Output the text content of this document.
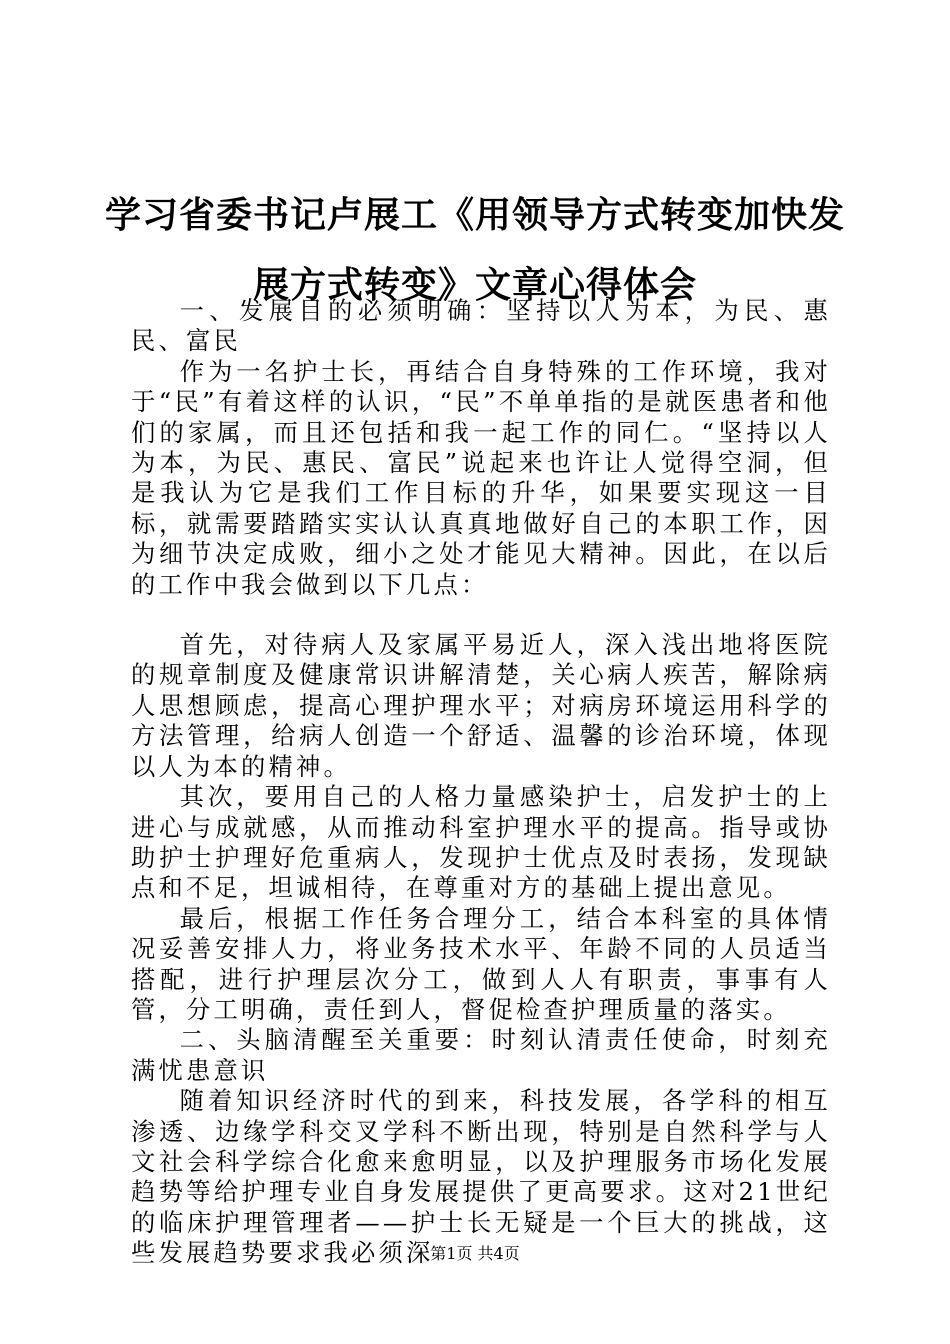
学习省委书记卢展工《用领导方式转变加快发展方式转变》文章心得体会

一、发展目的必须明确：坚持以人为本，为民、惠民、富民

作为一名护士长，再结合自身特殊的工作环境，我对于“民”有着这样的认识，“民”不单单指的是就医患者和他们的家属，而且还包括和我一起工作的同仁。“坚持以人为本，为民、惠民、富民”说起来也许让人觉得空洞，但是我认为它是我们工作目标的升华，如果要实现这一目标，就需要踏踏实实认认真真地做好自己的本职工作，因为细节决定成败，细小之处才能见大精神。因此，在以后的工作中我会做到以下几点：

首先，对待病人及家属平易近人，深入浅出地将医院的规章制度及健康常识讲解清楚，关心病人疾苦，解除病人思想顾虑，提高心理护理水平；对病房环境运用科学的方法管理，给病人创造一个舒适、温馨的诊治环境，体现以人为本的精神。

其次，要用自己的人格力量感染护士，启发护士的上进心与成就感，从而推动科室护理水平的提高。指导或协助护士护理好危重病人，发现护士优点及时表扬，发现缺点和不足，坦诚相待，在尊重对方的基础上提出意见。

最后，根据工作任务合理分工，结合本科室的具体情况妥善安排人力，将业务技术水平、年龄不同的人员适当搭配，进行护理层次分工，做到人人有职责，事事有人管，分工明确，责任到人，督促检查护理质量的落实。

二、头脑清醒至关重要：时刻认清责任使命，时刻充满忧患意识

随着知识经济时代的到来，科技发展，各学科的相互渗透、边缘学科交叉学科不断出现，特别是自然科学与人文社会科学综合化愈来愈明显，以及护理服务市场化发展趋势等给护理专业自身发展提供了更高要求。这对21世纪的临床护理管理者——护士长无疑是一个巨大的挑战，这些发展趋势要求我必须深

第1页 共4页
